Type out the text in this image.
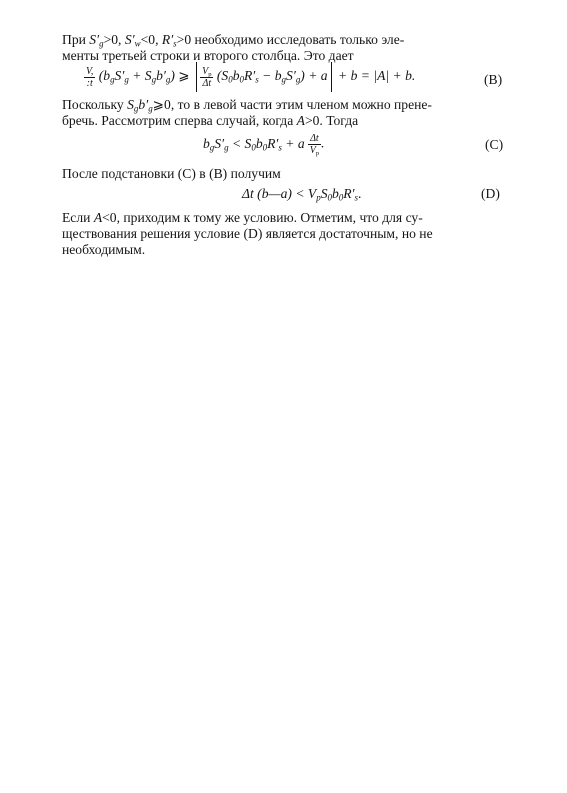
При $S'_g>0$, $S'_w<0$, $R'_s>0$ необходимо исследовать только эле-
менты третьей строки и второго столбца. Это дает

$\frac{V,}{:t} (b_gS'_g + S_gb'_g)$ ⩾ $\frac{V_p}{\Delta t} (S_0b_0R'_s - b_gS'_g) + a + b = |A| + b$.	(B)

Поскольку $S_gb'_g⩾0$, то в левой части этим членом можно прене-
бречь. Рассмотрим сперва случай, когда A>0. Тогда

$b_gS'_g < S_0b_0R'_s + a \frac{\Delta t}{V_p}$ .	(C)

После подстановки (С) в (В) получим

Δt (b—a) < $V_pS_0b_0R'_s$.	(D)

Если A<0, приходим к тому же условию. Отметим, что для су-
ществования решения условие (D) является достаточным, но не
необходимым.
